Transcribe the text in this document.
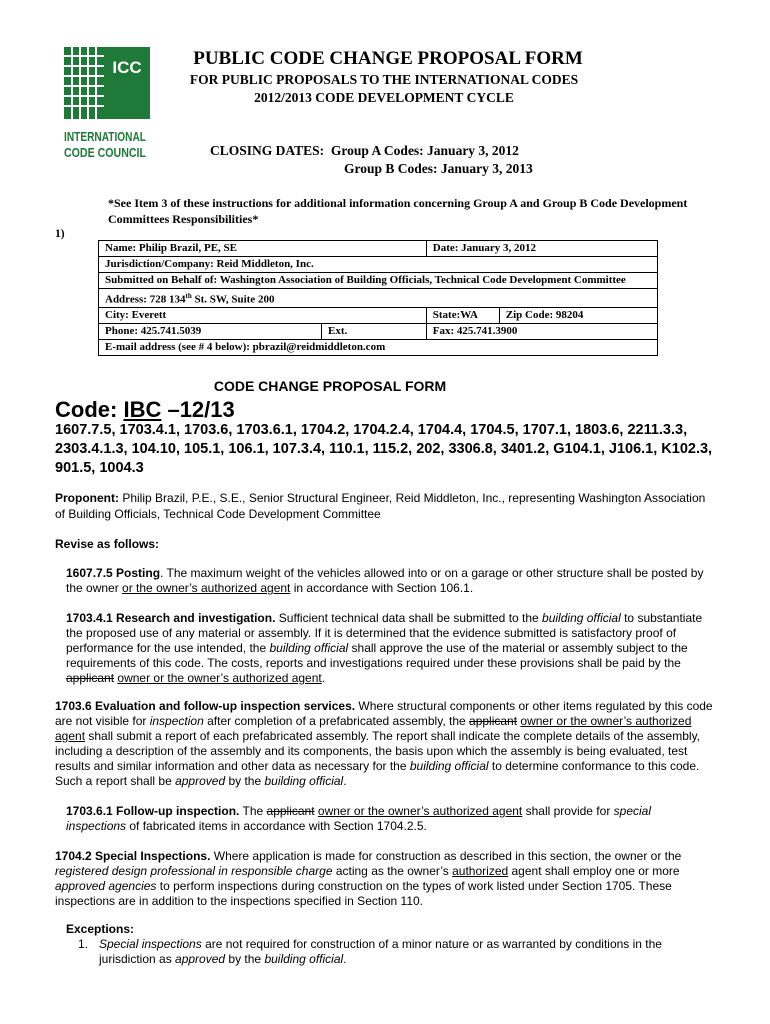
ICC
INTERNATIONAL
CODE COUNCIL
PUBLIC CODE CHANGE PROPOSAL FORM
FOR PUBLIC PROPOSALS TO THE INTERNATIONAL CODES
2012/2013 CODE DEVELOPMENT CYCLE
CLOSING DATES: Group A Codes: January 3, 2012
Group B Codes: January 3, 2013
*See Item 3 of these instructions for additional information concerning Group A and Group B Code Development Committees Responsibilities*
1)
Name: Philip Brazil, PE, SE		Date: January 3, 2012	
Jurisdiction/Company: Reid Middleton, Inc.			
Submitted on Behalf of: Washington Association of Building Officials, Technical Code Development Committee			
Address: 728 134th St. SW, Suite 200			
City: Everett		State:WA	Zip Code: 98204
Phone: 425.741.5039	Ext.	Fax: 425.741.3900	
E-mail address (see # 4 below): pbrazil@reidmiddleton.com			
CODE CHANGE PROPOSAL FORM
Code: IBC –12/13
1607.7.5, 1703.4.1, 1703.6, 1703.6.1, 1704.2, 1704.2.4, 1704.4, 1704.5, 1707.1, 1803.6, 2211.3.3, 2303.4.1.3, 104.10, 105.1, 106.1, 107.3.4, 110.1, 115.2, 202, 3306.8, 3401.2, G104.1, J106.1, K102.3, 901.5, 1004.3
Proponent: Philip Brazil, P.E., S.E., Senior Structural Engineer, Reid Middleton, Inc., representing Washington Association of Building Officials, Technical Code Development Committee
Revise as follows:
1607.7.5 Posting. The maximum weight of the vehicles allowed into or on a garage or other structure shall be posted by the owner or the owner’s authorized agent in accordance with Section 106.1.
1703.4.1 Research and investigation. Sufficient technical data shall be submitted to the building official to substantiate the proposed use of any material or assembly. If it is determined that the evidence submitted is satisfactory proof of performance for the use intended, the building official shall approve the use of the material or assembly subject to the requirements of this code. The costs, reports and investigations required under these provisions shall be paid by the applicant owner or the owner’s authorized agent.
1703.6 Evaluation and follow-up inspection services. Where structural components or other items regulated by this code are not visible for inspection after completion of a prefabricated assembly, the applicant owner or the owner’s authorized agent shall submit a report of each prefabricated assembly. The report shall indicate the complete details of the assembly, including a description of the assembly and its components, the basis upon which the assembly is being evaluated, test results and similar information and other data as necessary for the building official to determine conformance to this code. Such a report shall be approved by the building official.
1703.6.1 Follow-up inspection. The applicant owner or the owner’s authorized agent shall provide for special inspections of fabricated items in accordance with Section 1704.2.5.
1704.2 Special Inspections. Where application is made for construction as described in this section, the owner or the registered design professional in responsible charge acting as the owner’s authorized agent shall employ one or more approved agencies to perform inspections during construction on the types of work listed under Section 1705. These inspections are in addition to the inspections specified in Section 110.
Exceptions:
1. Special inspections are not required for construction of a minor nature or as warranted by conditions in the jurisdiction as approved by the building official.
